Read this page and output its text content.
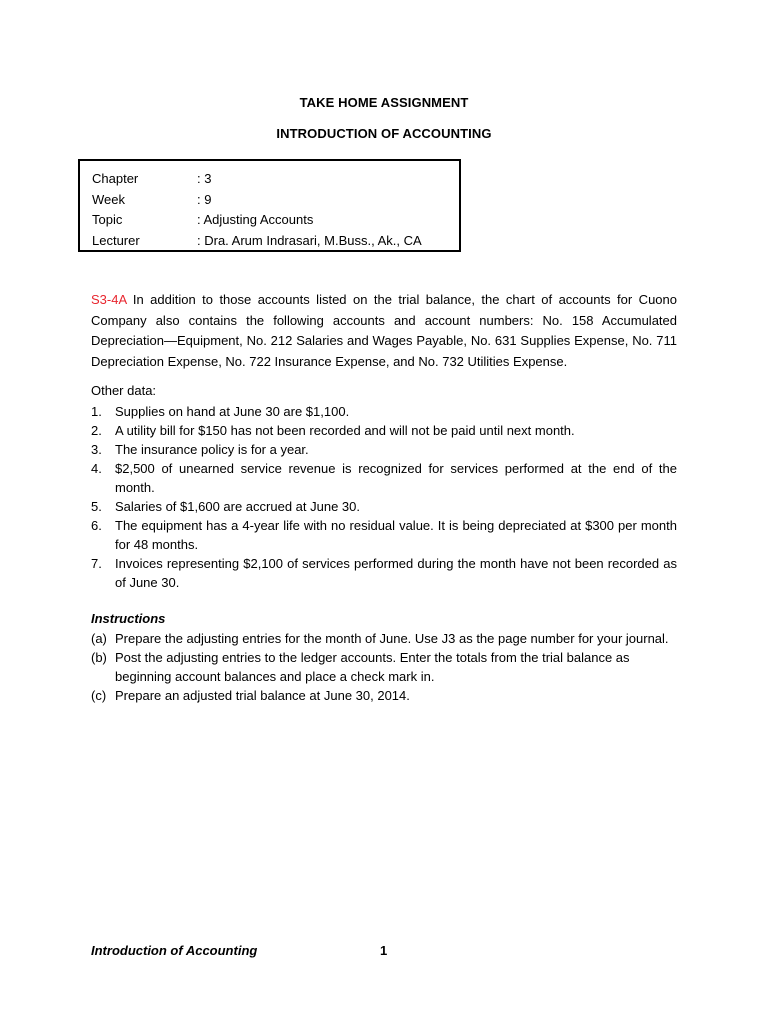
TAKE HOME ASSIGNMENT
INTRODUCTION OF ACCOUNTING
Chapter	: 3
Week	: 9
Topic	: Adjusting Accounts
Lecturer	: Dra. Arum Indrasari, M.Buss., Ak., CA

S3-4A In addition to those accounts listed on the trial balance, the chart of accounts for Cuono Company also contains the following accounts and account numbers: No. 158 Accumulated Depreciation—Equipment, No. 212 Salaries and Wages Payable, No. 631 Supplies Expense, No. 711 Depreciation Expense, No. 722 Insurance Expense, and No. 732 Utilities Expense.

Other data:
1.	Supplies on hand at June 30 are $1,100.
2.	A utility bill for $150 has not been recorded and will not be paid until next month.
3.	The insurance policy is for a year.
4.	$2,500 of unearned service revenue is recognized for services performed at the end of the month.
5.	Salaries of $1,600 are accrued at June 30.
6.	The equipment has a 4-year life with no residual value. It is being depreciated at $300 per month for 48 months.
7.	Invoices representing $2,100 of services performed during the month have not been recorded as of June 30.
Instructions
(a) Prepare the adjusting entries for the month of June. Use J3 as the page number for your journal.
(b) Post the adjusting entries to the ledger accounts. Enter the totals from the trial balance as beginning account balances and place a check mark in.
(c) Prepare an adjusted trial balance at June 30, 2014.
Introduction of Accounting	1
